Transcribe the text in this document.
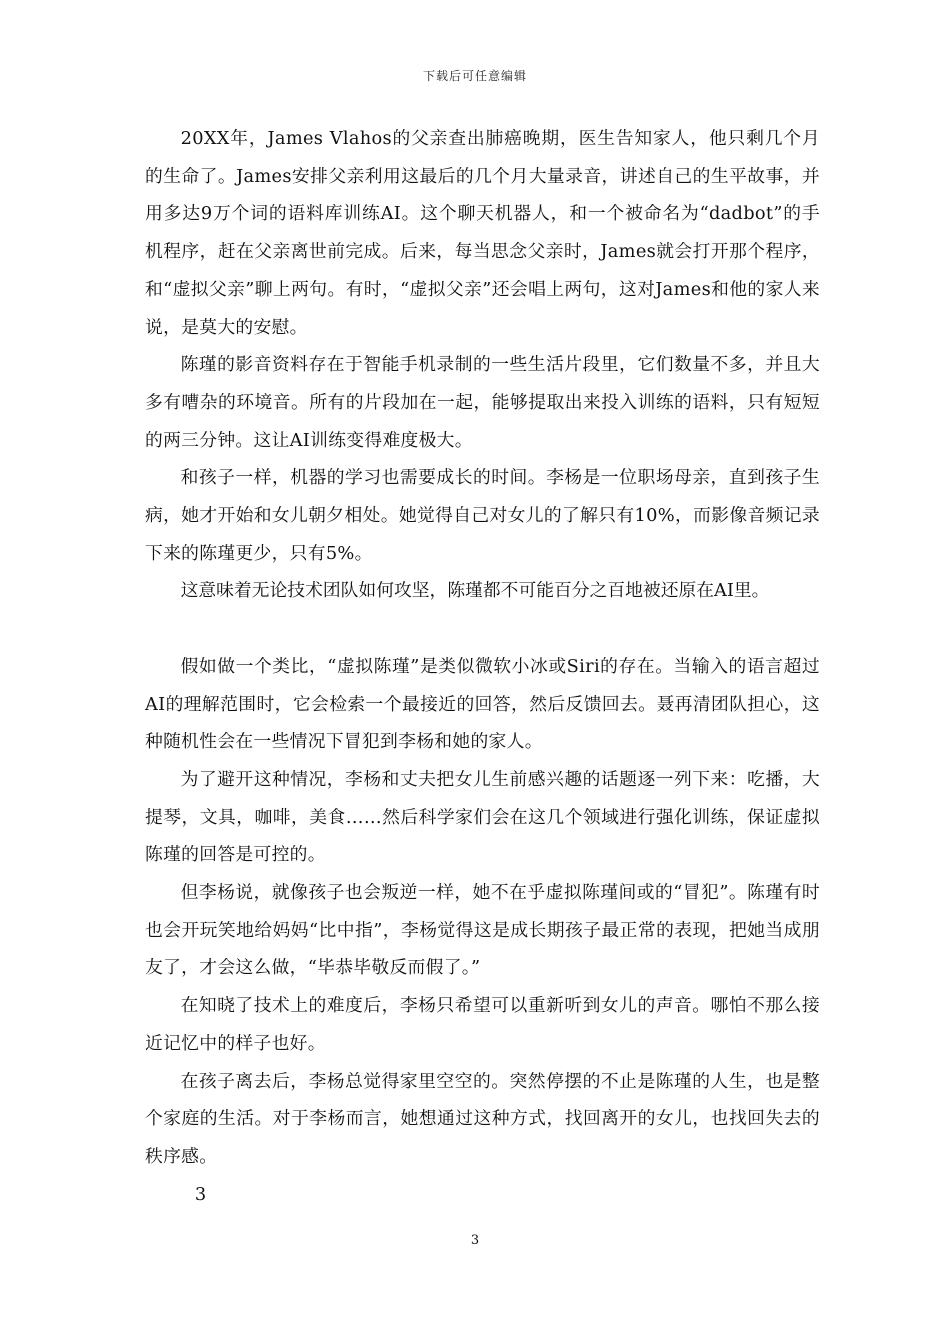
下载后可任意编辑

20XX年，James Vlahos的父亲查出肺癌晚期，医生告知家人，他只剩几个月的生命了。James安排父亲利用这最后的几个月大量录音，讲述自己的生平故事，并用多达9万个词的语料库训练AI。这个聊天机器人，和一个被命名为“dadbot”的手机程序，赶在父亲离世前完成。后来，每当思念父亲时，James就会打开那个程序，和“虚拟父亲”聊上两句。有时，“虚拟父亲”还会唱上两句，这对James和他的家人来说，是莫大的安慰。

陈瑾的影音资料存在于智能手机录制的一些生活片段里，它们数量不多，并且大多有嘈杂的环境音。所有的片段加在一起，能够提取出来投入训练的语料，只有短短的两三分钟。这让AI训练变得难度极大。

和孩子一样，机器的学习也需要成长的时间。李杨是一位职场母亲，直到孩子生病，她才开始和女儿朝夕相处。她觉得自己对女儿的了解只有10%，而影像音频记录下来的陈瑾更少，只有5%。

这意味着无论技术团队如何攻坚，陈瑾都不可能百分之百地被还原在AI里。

假如做一个类比，“虚拟陈瑾”是类似微软小冰或Siri的存在。当输入的语言超过AI的理解范围时，它会检索一个最接近的回答，然后反馈回去。聂再清团队担心，这种随机性会在一些情况下冒犯到李杨和她的家人。

为了避开这种情况，李杨和丈夫把女儿生前感兴趣的话题逐一列下来：吃播，大提琴，文具，咖啡，美食……然后科学家们会在这几个领域进行强化训练，保证虚拟陈瑾的回答是可控的。

但李杨说，就像孩子也会叛逆一样，她不在乎虚拟陈瑾间或的“冒犯”。陈瑾有时也会开玩笑地给妈妈“比中指”，李杨觉得这是成长期孩子最正常的表现，把她当成朋友了，才会这么做，“毕恭毕敬反而假了。”

在知晓了技术上的难度后，李杨只希望可以重新听到女儿的声音。哪怕不那么接近记忆中的样子也好。

在孩子离去后，李杨总觉得家里空空的。突然停摆的不止是陈瑾的人生，也是整个家庭的生活。对于李杨而言，她想通过这种方式，找回离开的女儿，也找回失去的秩序感。

3

3
